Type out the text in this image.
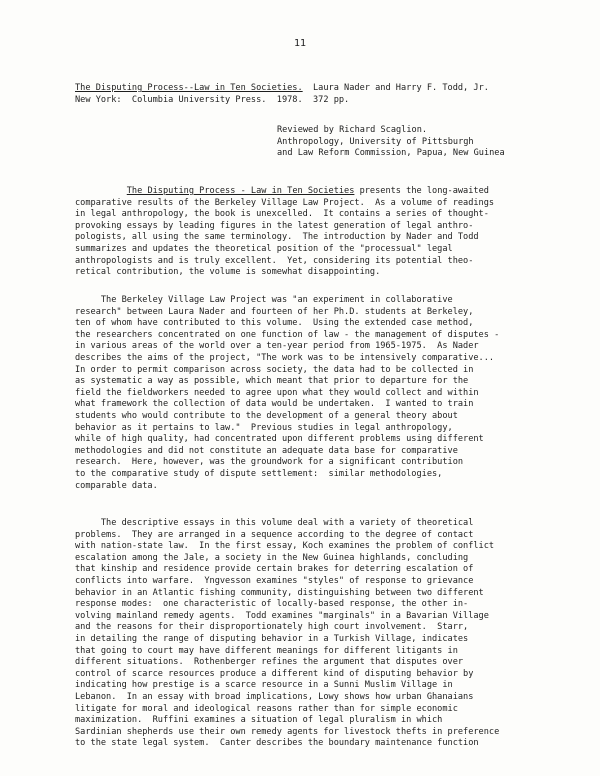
11
The Disputing Process--Law in Ten Societies.  Laura Nader and Harry F. Todd, Jr.
New York:  Columbia University Press.  1978.  372 pp.
Reviewed by Richard Scaglion.
Anthropology, University of Pittsburgh
and Law Reform Commission, Papua, New Guinea

The Disputing Process - Law in Ten Societies presents the long-awaited
comparative results of the Berkeley Village Law Project.  As a volume of readings
in legal anthropology, the book is unexcelled.  It contains a series of thought-
provoking essays by leading figures in the latest generation of legal anthro-
pologists, all using the same terminology.  The introduction by Nader and Todd
summarizes and updates the theoretical position of the "processual" legal
anthropologists and is truly excellent.  Yet, considering its potential theo-
retical contribution, the volume is somewhat disappointing.

The Berkeley Village Law Project was "an experiment in collaborative
research" between Laura Nader and fourteen of her Ph.D. students at Berkeley,
ten of whom have contributed to this volume.  Using the extended case method,
the researchers concentrated on one function of law - the management of disputes -
in various areas of the world over a ten-year period from 1965-1975.  As Nader
describes the aims of the project, "The work was to be intensively comparative...
In order to permit comparison across society, the data had to be collected in
as systematic a way as possible, which meant that prior to departure for the
field the fieldworkers needed to agree upon what they would collect and within
what framework the collection of data would be undertaken.  I wanted to train
students who would contribute to the development of a general theory about
behavior as it pertains to law."  Previous studies in legal anthropology,
while of high quality, had concentrated upon different problems using different
methodologies and did not constitute an adequate data base for comparative
research.  Here, however, was the groundwork for a significant contribution
to the comparative study of dispute settlement:  similar methodologies,
comparable data.

The descriptive essays in this volume deal with a variety of theoretical
problems.  They are arranged in a sequence according to the degree of contact
with nation-state law.  In the first essay, Koch examines the problem of conflict
escalation among the Jale, a society in the New Guinea highlands, concluding
that kinship and residence provide certain brakes for deterring escalation of
conflicts into warfare.  Yngvesson examines "styles" of response to grievance
behavior in an Atlantic fishing community, distinguishing between two different
response modes:  one characteristic of locally-based response, the other in-
volving mainland remedy agents.  Todd examines "marginals" in a Bavarian Village
and the reasons for their disproportionately high court involvement.  Starr,
in detailing the range of disputing behavior in a Turkish Village, indicates
that going to court may have different meanings for different litigants in
different situations.  Rothenberger refines the argument that disputes over
control of scarce resources produce a different kind of disputing behavior by
indicating how prestige is a scarce resource in a Sunni Muslim Village in
Lebanon.  In an essay with broad implications, Lowy shows how urban Ghanaians
litigate for moral and ideological reasons rather than for simple economic
maximization.  Ruffini examines a situation of legal pluralism in which
Sardinian shepherds use their own remedy agents for livestock thefts in preference
to the state legal system.  Canter describes the boundary maintenance function
